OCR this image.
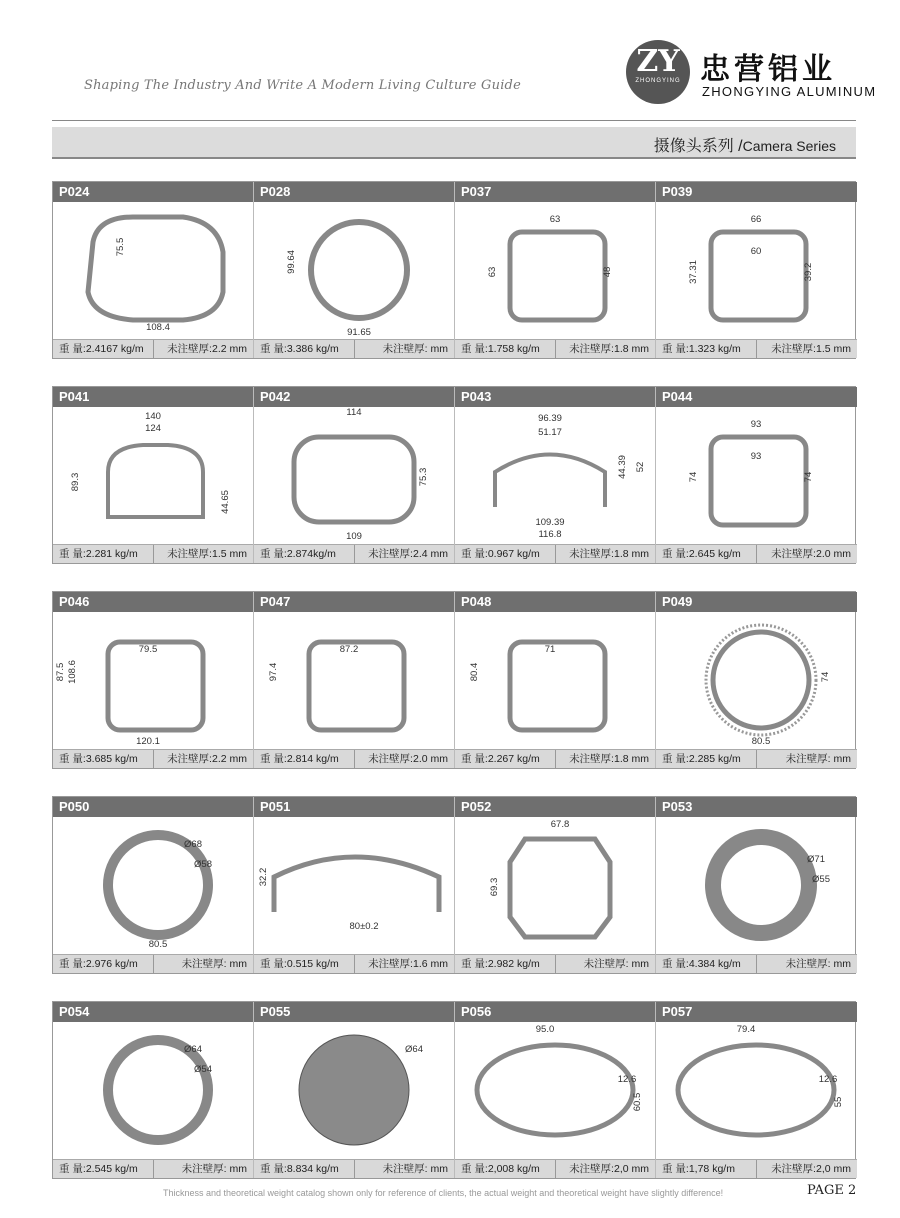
Shaping The Industry And Write A Modern Living Culture Guide
ZY
ZHONGYING 忠营铝业
ZHONGYING ALUMINUM
摄像头系列 /Camera Series
P024
75.5
108.4
重 量:2.4167 kg/m 未注壁厚:2.2 mm
P028
99.64
91.65
重 量:3.386 kg/m	未注壁厚: mm
P037
63
63	48
重 量:1.758 kg/m	未注壁厚:1.8 mm
P039
66
37.31	39.2
60
重 量:1.323 kg/m	未注壁厚:1.5 mm
P041
140
124
89.3
44.65
重 量:2.281 kg/m	未注壁厚:1.5 mm
P042
114
75.3
109
重 量:2.874kg/m	未注壁厚:2.4 mm
P043
96.39
51.17
44.39 52
109.39
116.8
重 量:0.967 kg/m	未注壁厚:1.8 mm
P044
93
74	74
93
重 量:2.645 kg/m	未注壁厚:2.0 mm
P046
79.5
108.6
87.5
120.1
重 量:3.685 kg/m	未注壁厚:2.2 mm
P047
87.2
97.4
重 量:2.814 kg/m	未注壁厚:2.0 mm
P048
71
80.4
重 量:2.267 kg/m	未注壁厚:1.8 mm
P049
74
80.5
重 量:2.285 kg/m	未注壁厚: mm
P050
Ø68
Ø58
80.5
重 量:2.976 kg/m	未注壁厚: mm
P051
32.2
80±0.2
重 量:0.515 kg/m	未注壁厚:1.6 mm
P052
67.8
69.3
重 量:2.982 kg/m	未注壁厚: mm
P053
Ø71
Ø55
重 量:4.384 kg/m	未注壁厚: mm
P054
Ø64
Ø54
重 量:2.545 kg/m	未注壁厚: mm
P055
Ø64
重 量:8.834 kg/m	未注壁厚: mm
P056
95.0
12.6
60.5
重 量:2,008 kg/m	未注壁厚:2,0 mm
P057
79.4
12.6
55
重 量:1,78 kg/m	未注壁厚:2,0 mm
Thickness and theoretical weight catalog shown only for reference of clients, the actual weight and theoretical weight have slightly difference!	PAGE 2
